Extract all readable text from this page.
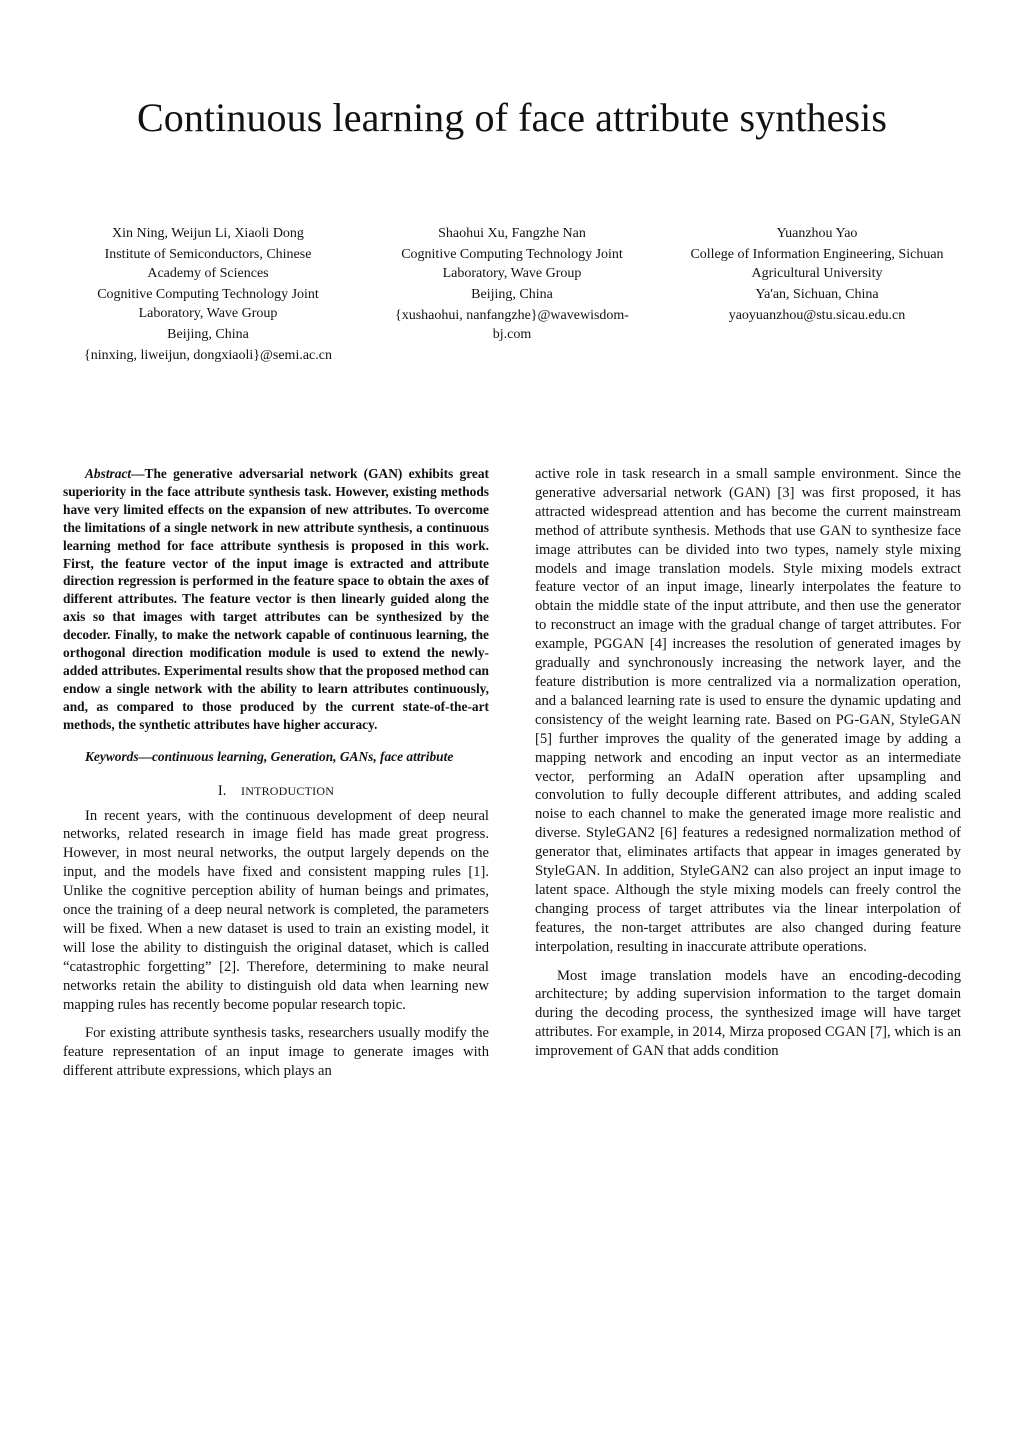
Continuous learning of face attribute synthesis

Xin Ning, Weijun Li, Xiaoli Dong

Institute of Semiconductors, Chinese Academy of Sciences

Cognitive Computing Technology Joint Laboratory, Wave Group

Beijing, China

{ninxing, liweijun, dongxiaoli}@semi.ac.cn

Shaohui Xu, Fangzhe Nan

Cognitive Computing Technology Joint Laboratory, Wave Group

Beijing, China

{xushaohui, nanfangzhe}@wavewisdom-bj.com

Yuanzhou Yao

College of Information Engineering, Sichuan Agricultural University

Ya'an, Sichuan, China

yaoyuanzhou@stu.sicau.edu.cn

Abstract—The generative adversarial network (GAN) exhibits great superiority in the face attribute synthesis task. However, existing methods have very limited effects on the expansion of new attributes. To overcome the limitations of a single network in new attribute synthesis, a continuous learning method for face attribute synthesis is proposed in this work. First, the feature vector of the input image is extracted and attribute direction regression is performed in the feature space to obtain the axes of different attributes. The feature vector is then linearly guided along the axis so that images with target attributes can be synthesized by the decoder. Finally, to make the network capable of continuous learning, the orthogonal direction modification module is used to extend the newly-added attributes. Experimental results show that the proposed method can endow a single network with the ability to learn attributes continuously, and, as compared to those produced by the current state-of-the-art methods, the synthetic attributes have higher accuracy.

Keywords—continuous learning, Generation, GANs, face attribute

I. INTRODUCTION

In recent years, with the continuous development of deep neural networks, related research in image field has made great progress. However, in most neural networks, the output largely depends on the input, and the models have fixed and consistent mapping rules [1]. Unlike the cognitive perception ability of human beings and primates, once the training of a deep neural network is completed, the parameters will be fixed. When a new dataset is used to train an existing model, it will lose the ability to distinguish the original dataset, which is called “catastrophic forgetting” [2]. Therefore, determining to make neural networks retain the ability to distinguish old data when learning new mapping rules has recently become popular research topic.

For existing attribute synthesis tasks, researchers usually modify the feature representation of an input image to generate images with different attribute expressions, which plays an

active role in task research in a small sample environment. Since the generative adversarial network (GAN) [3] was first proposed, it has attracted widespread attention and has become the current mainstream method of attribute synthesis. Methods that use GAN to synthesize face image attributes can be divided into two types, namely style mixing models and image translation models. Style mixing models extract feature vector of an input image, linearly interpolates the feature to obtain the middle state of the input attribute, and then use the generator to reconstruct an image with the gradual change of target attributes. For example, PGGAN [4] increases the resolution of generated images by gradually and synchronously increasing the network layer, and the feature distribution is more centralized via a normalization operation, and a balanced learning rate is used to ensure the dynamic updating and consistency of the weight learning rate. Based on PG-GAN, StyleGAN [5] further improves the quality of the generated image by adding a mapping network and encoding an input vector as an intermediate vector, performing an AdaIN operation after upsampling and convolution to fully decouple different attributes, and adding scaled noise to each channel to make the generated image more realistic and diverse. StyleGAN2 [6] features a redesigned normalization method of generator that, eliminates artifacts that appear in images generated by StyleGAN. In addition, StyleGAN2 can also project an input image to latent space. Although the style mixing models can freely control the changing process of target attributes via the linear interpolation of features, the non-target attributes are also changed during feature interpolation, resulting in inaccurate attribute operations.

Most image translation models have an encoding-decoding architecture; by adding supervision information to the target domain during the decoding process, the synthesized image will have target attributes. For example, in 2014, Mirza proposed CGAN [7], which is an improvement of GAN that adds condition
